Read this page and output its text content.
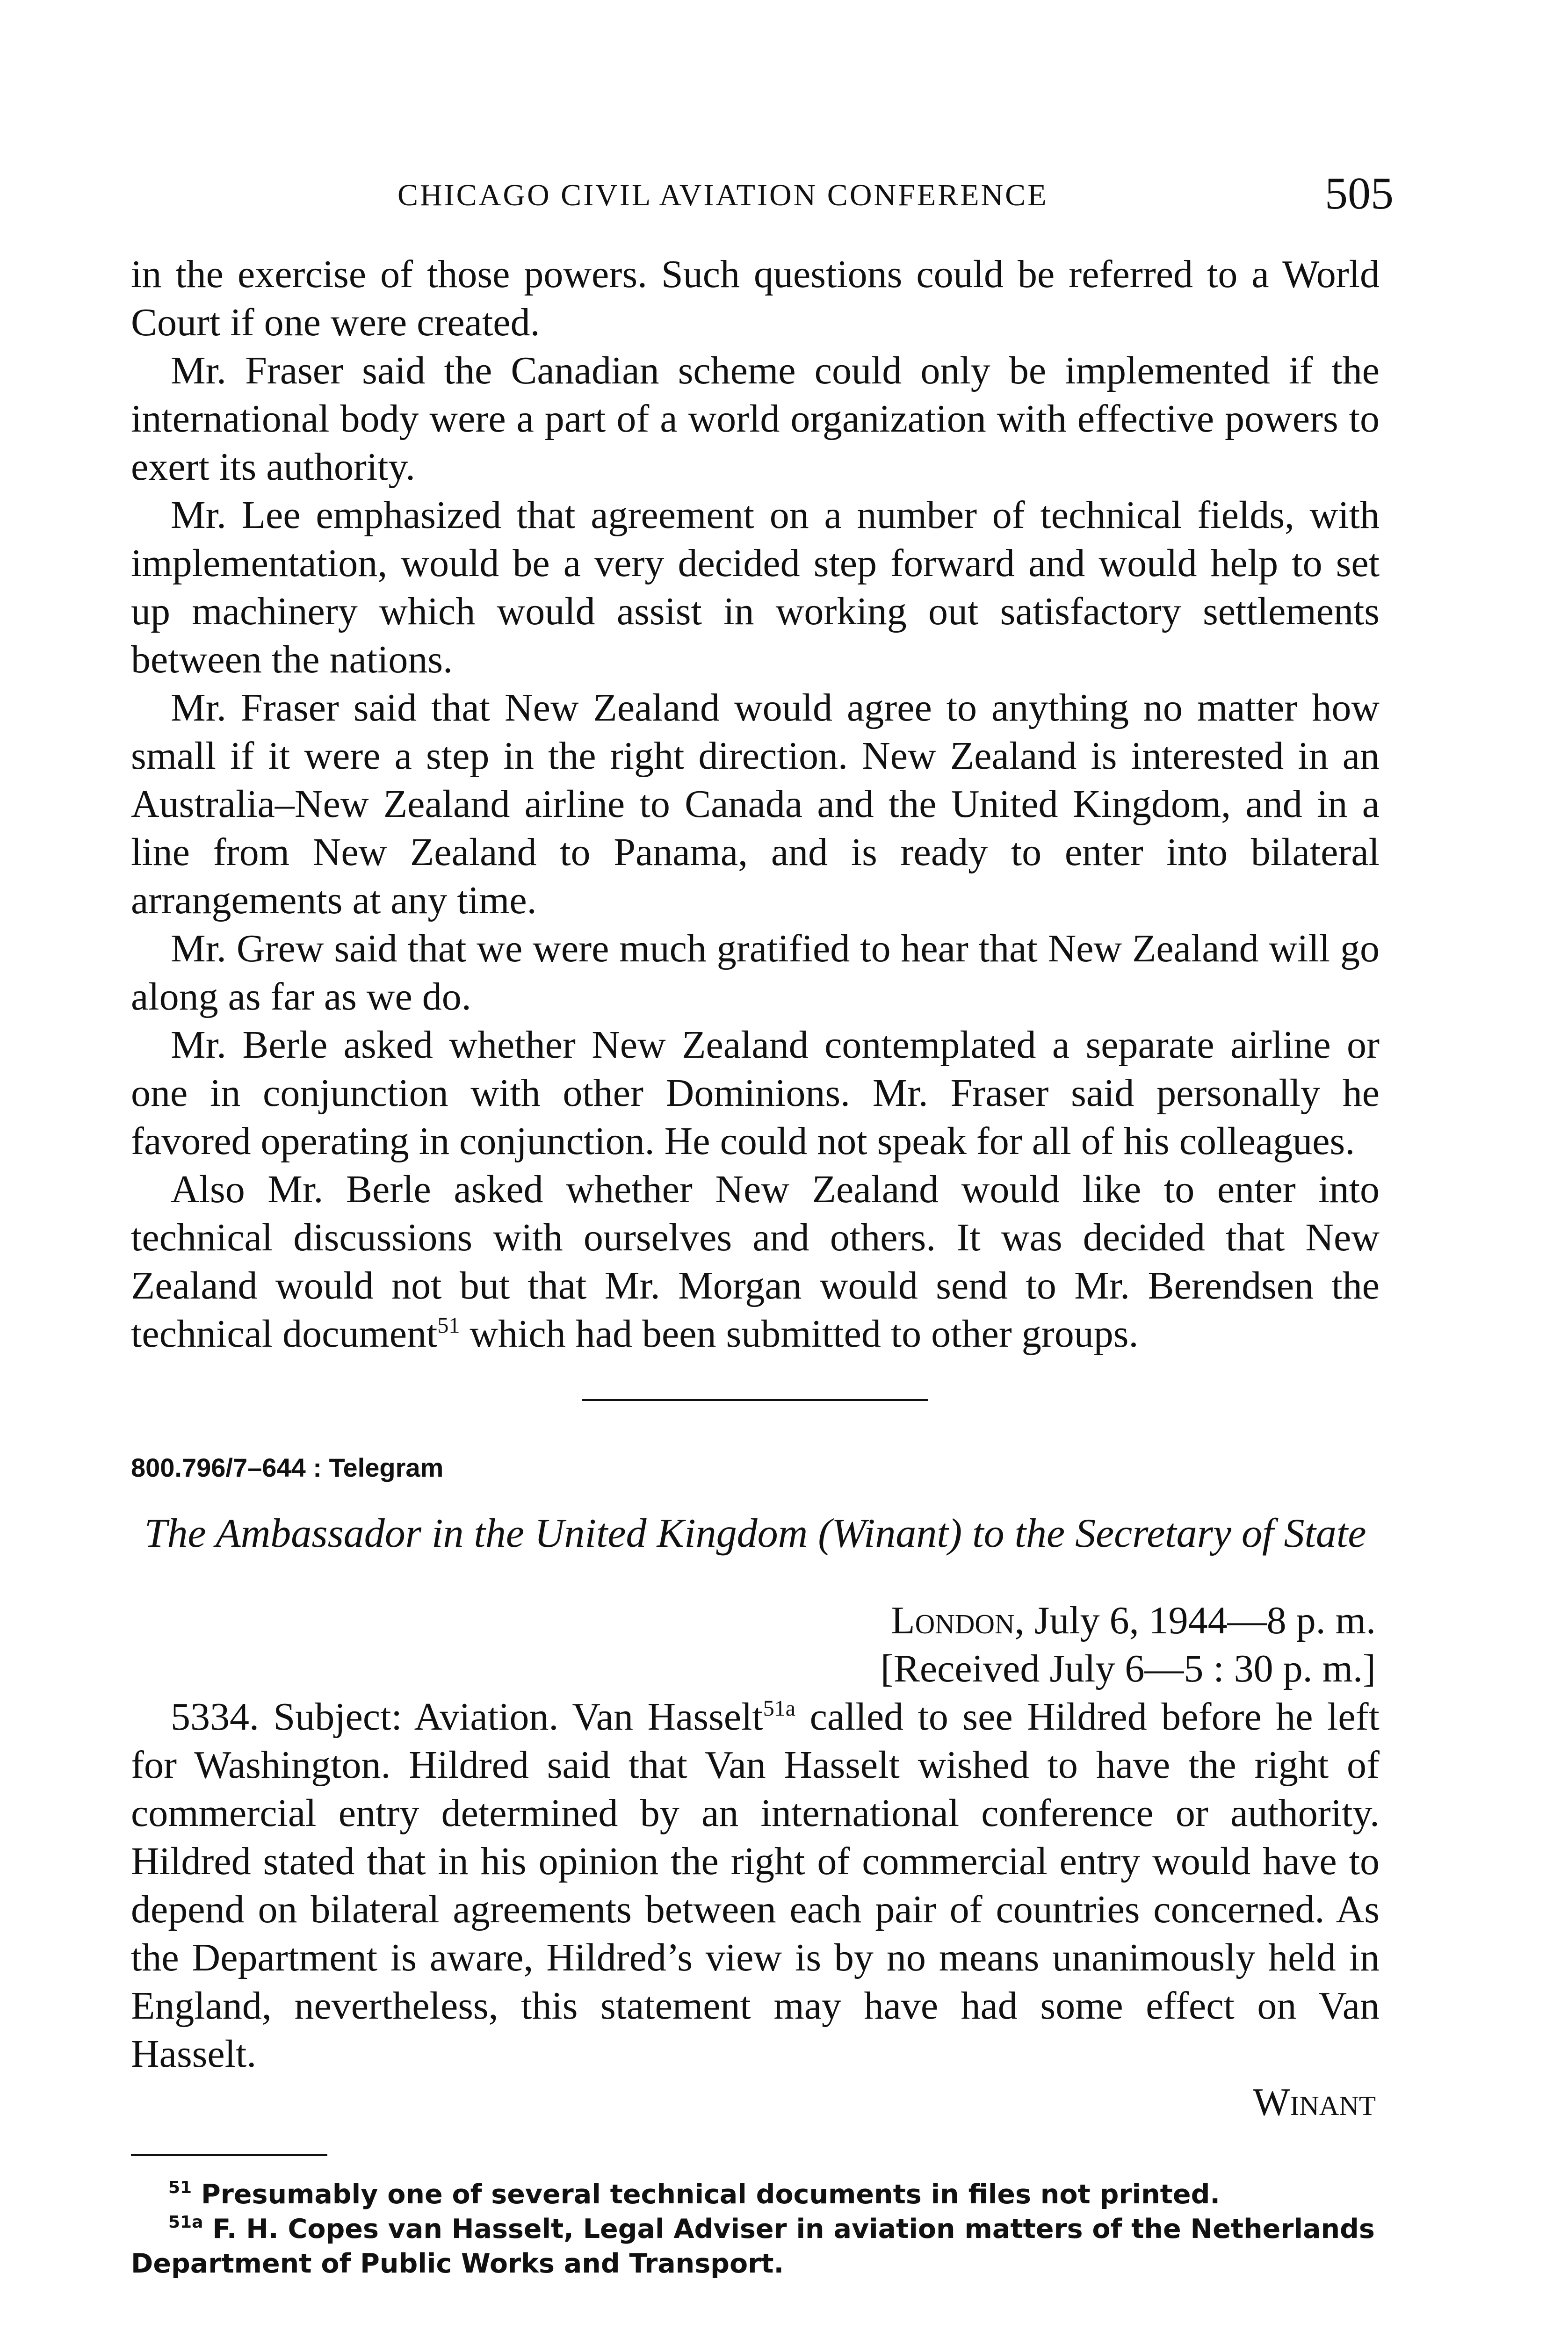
CHICAGO CIVIL AVIATION CONFERENCE	505

in the exercise of those powers. Such questions could be referred to a World Court if one were created.

Mr. Fraser said the Canadian scheme could only be implemented if the international body were a part of a world organization with effective powers to exert its authority.

Mr. Lee emphasized that agreement on a number of technical fields, with implementation, would be a very decided step forward and would help to set up machinery which would assist in working out satisfactory settlements between the nations.

Mr. Fraser said that New Zealand would agree to anything no matter how small if it were a step in the right direction. New Zealand is interested in an Australia–New Zealand airline to Canada and the United Kingdom, and in a line from New Zealand to Panama, and is ready to enter into bilateral arrangements at any time.

Mr. Grew said that we were much gratified to hear that New Zealand will go along as far as we do.

Mr. Berle asked whether New Zealand contemplated a separate airline or one in conjunction with other Dominions. Mr. Fraser said personally he favored operating in conjunction. He could not speak for all of his colleagues.

Also Mr. Berle asked whether New Zealand would like to enter into technical discussions with ourselves and others. It was decided that New Zealand would not but that Mr. Morgan would send to Mr. Berendsen the technical document$^{51}$ which had been submitted to other groups.

800.796/7–644 : Telegram

The Ambassador in the United Kingdom (Winant) to the Secretary of State

London, July 6, 1944—8 p. m.

[Received July 6—5 : 30 p. m.]

5334. Subject: Aviation. Van Hasselt$^{51a}$ called to see Hildred before he left for Washington. Hildred said that Van Hasselt wished to have the right of commercial entry determined by an international conference or authority. Hildred stated that in his opinion the right of commercial entry would have to depend on bilateral agreements between each pair of countries concerned. As the Department is aware, Hildred’s view is by no means unanimously held in England, nevertheless, this statement may have had some effect on Van Hasselt.

Winant

$^{51}$ Presumably one of several technical documents in files not printed.

$^{51a}$ F. H. Copes van Hasselt, Legal Adviser in aviation matters of the Netherlands Department of Public Works and Transport.
